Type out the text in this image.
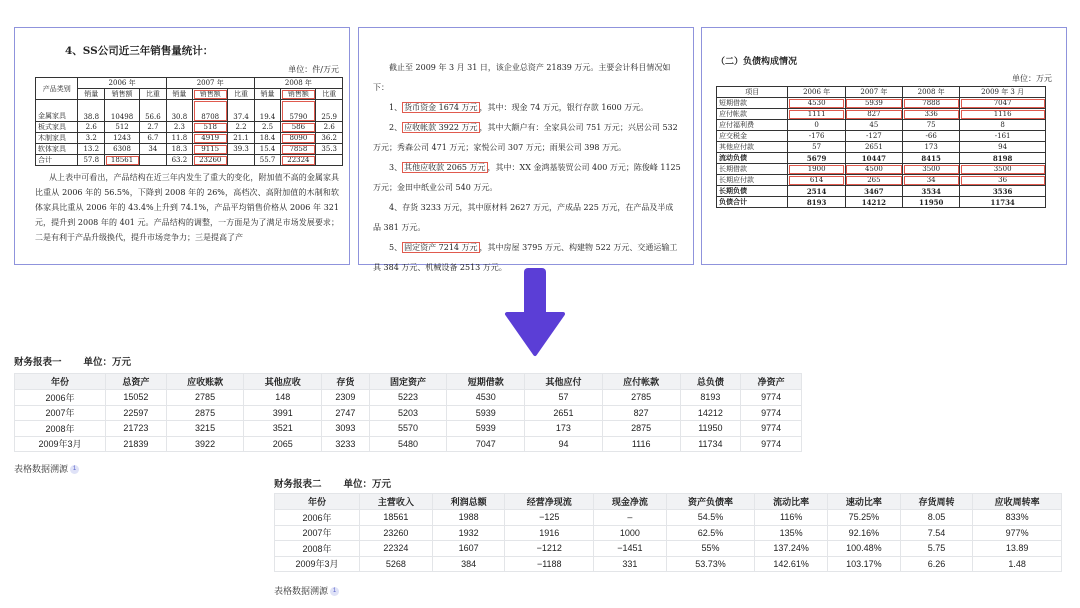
4、SS公司近三年销售量统计：
单位：件/万元
产品类别	2006 年			2007 年			2008 年		
	销量	销售额	比重	销量	销售额	比重	销量	销售额	比重
金属家具	38.8	10498	56.6	30.8	8708	37.4	19.4	5790	25.9
板式家具	2.6	512	2.7	2.3	518	2.2	2.5	586	2.6
木制家具	3.2	1243	6.7	11.8	4919	21.1	18.4	8090	36.2
软体家具	13.2	6308	34	18.3	9115	39.3	15.4	7858	35.3
合计	57.8	18561		63.2	23260		55.7	22324	
从上表中可看出，产品结构在近三年内发生了重大的变化，附加值不高的金属家具比重从 2006 年的 56.5%，下降到 2008 年的 26%，高档次、高附加值的木制和软体家具比重从 2006 年的 43.4%上升到 74.1%，产品平均销售价格从 2006 年 321 元，提升到 2008 年的 401 元。产品结构的调整，一方面是为了满足市场发展要求；二是有利于产品升级换代，提升市场竞争力；三是提高了产
截止至 2009 年 3 月 31 日，该企业总资产 21839 万元。主要会计科目情况如下：
1、 货币资金 1674 万元 ，其中：现金 74 万元，银行存款 1600 万元。
2、 应收帐款 3922 万元 ，其中大额户有：全家具公司 751 万元；兴居公司 532 万元；秀森公司 471 万元；家悦公司 307 万元；雨果公司 398 万元。
3、 其他应收款 2065 万元 ，其中：XX 金鸿基装贸公司 400 万元；陈俊峰 1125 万元；金田中纸业公司 540 万元。
4、存货 3233 万元，其中原材料 2627 万元，产成品 225 万元，在产品及半成品 381 万元。
5、 固定资产 7214 万元 ，其中房屋 3795 万元、构建物 522 万元、交通运输工具 384 万元、机械设备 2513 万元。
（二）负债构成情况
单位：万元
项目	2006 年	2007 年	2008 年	2009 年 3 月
短期借款	4530	5939	7888	7047
应付帐款	1111	827	336	1116
应付福利费	0	45	75	8
应交税金	-176	-127	-66	-161
其他应付款	57	2651	173	94
流动负债	5679	10447	8415	8198
长期借款	1900	4500	3500	3500
长期应付款	614	265	34	36
长期负债	2514	3467	3534	3536
负债合计	8193	14212	11950	11734
财务报表一 单位：万元
年份	总资产	应收账款	其他应收	存货	固定资产	短期借款	其他应付	应付帐款	总负债	净资产
2006年	15052	2785	148	2309	5223	4530	57	2785	8193	9774
2007年	22597	2875	3991	2747	5203	5939	2651	827	14212	9774
2008年	21723	3215	3521	3093	5570	5939	173	2875	11950	9774
2009年3月	21839	3922	2065	3233	5480	7047	94	1116	11734	9774
表格数据溯源 1
财务报表二 单位：万元
年份	主营收入	利润总额	经营净现流	现金净流	资产负债率	流动比率	速动比率	存货周转	应收周转率
2006年	18561	1988	−125	–	54.5%	116%	75.25%	8.05	833%
2007年	23260	1932	1916	1000	62.5%	135%	92.16%	7.54	977%
2008年	22324	1607	−1212	−1451	55%	137.24%	100.48%	5.75	13.89
2009年3月	5268	384	−1188	331	53.73%	142.61%	103.17%	6.26	1.48
表格数据溯源 1
